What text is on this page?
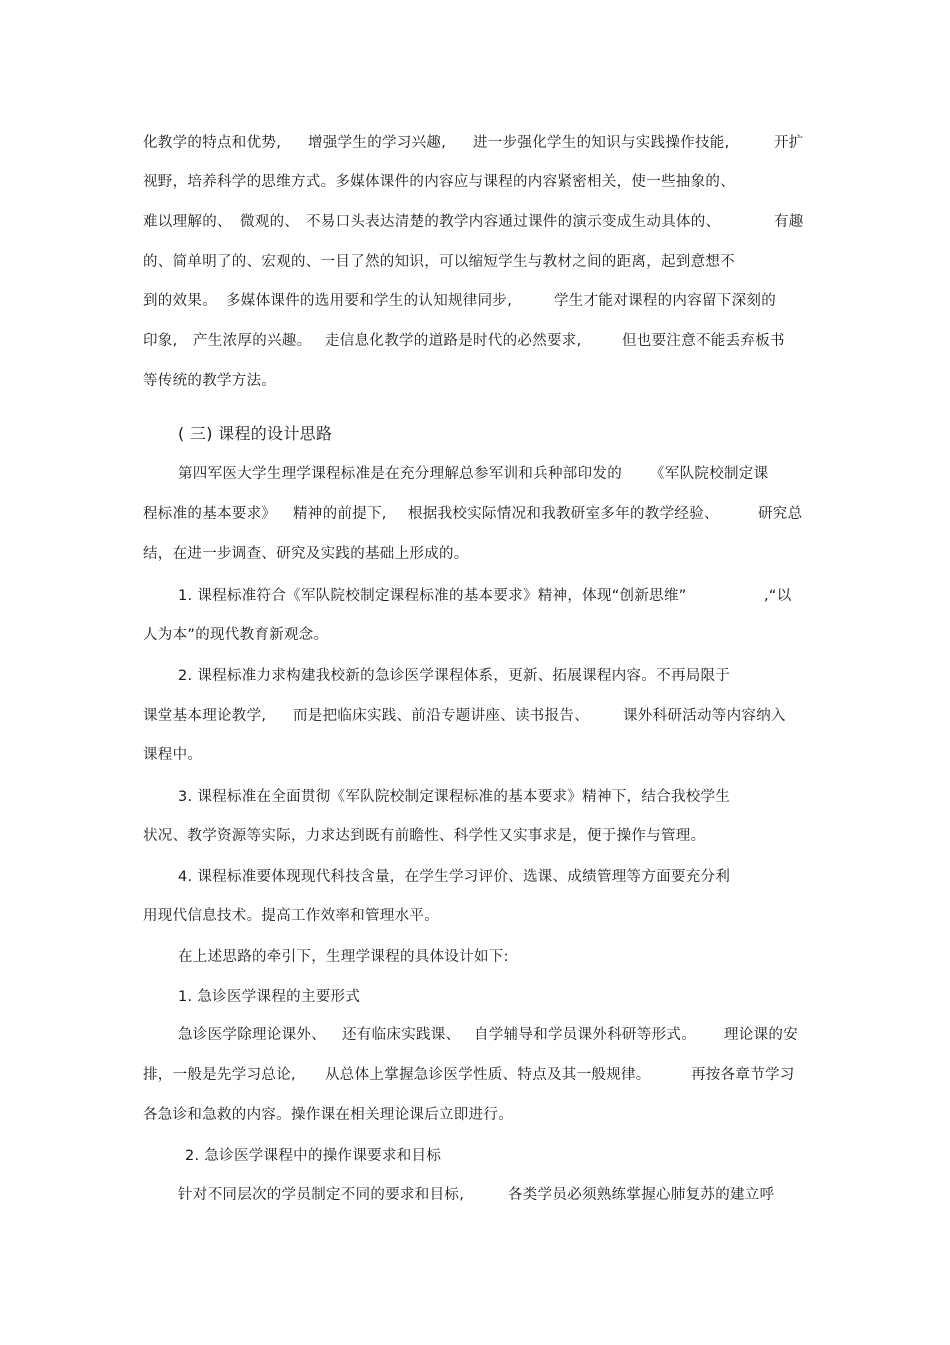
化教学的特点和优势, 增强学生的学习兴趣, 进一步强化学生的知识与实践操作技能,	开扩
视野，培养科学的思维方式。多媒体课件的内容应与课程的内容紧密相关，使一些抽象的、
难以理解的、 微观的、 不易口头表达清楚的教学内容通过课件的演示变成生动具体的、	有趣
的、简单明了的、宏观的、一目了然的知识，可以缩短学生与教材之间的距离，起到意想不
到的效果。 多媒体课件的选用要和学生的认知规律同步,	学生才能对课程的内容留下深刻的
印象, 产生浓厚的兴趣。 走信息化教学的道路是时代的必然要求,	但也要注意不能丢弃板书
等传统的教学方法。
( 三) 课程的设计思路
第四军医大学生理学课程标准是在充分理解总参军训和兵种部印发的 《军队院校制定课
程标准的基本要求》 精神的前提下, 根据我校实际情况和我教研室多年的教学经验、	研究总
结，在进一步调查、研究及实践的基础上形成的。
1. 课程标准符合《军队院校制定课程标准的基本要求》精神，体现“创新思维”	,“以
人为本”的现代教育新观念。
2. 课程标准力求构建我校新的急诊医学课程体系，更新、拓展课程内容。不再局限于
课堂基本理论教学, 而是把临床实践、前沿专题讲座、读书报告、 课外科研活动等内容纳入
课程中。
3. 课程标准在全面贯彻《军队院校制定课程标准的基本要求》精神下，结合我校学生
状况、教学资源等实际，力求达到既有前瞻性、科学性又实事求是，便于操作与管理。
4. 课程标准要体现现代科技含量，在学生学习评价、选课、成绩管理等方面要充分利
用现代信息技术。提高工作效率和管理水平。
在上述思路的牵引下，生理学课程的具体设计如下:
1. 急诊医学课程的主要形式
急诊医学除理论课外、 还有临床实践课、 自学辅导和学员课外科研等形式。 理论课的安
排，一般是先学习总论, 从总体上掌握急诊医学性质、特点及其一般规律。	再按各章节学习
各急诊和急救的内容。操作课在相关理论课后立即进行。
2. 急诊医学课程中的操作课要求和目标
针对不同层次的学员制定不同的要求和目标,	各类学员必须熟练掌握心肺复苏的建立呼
